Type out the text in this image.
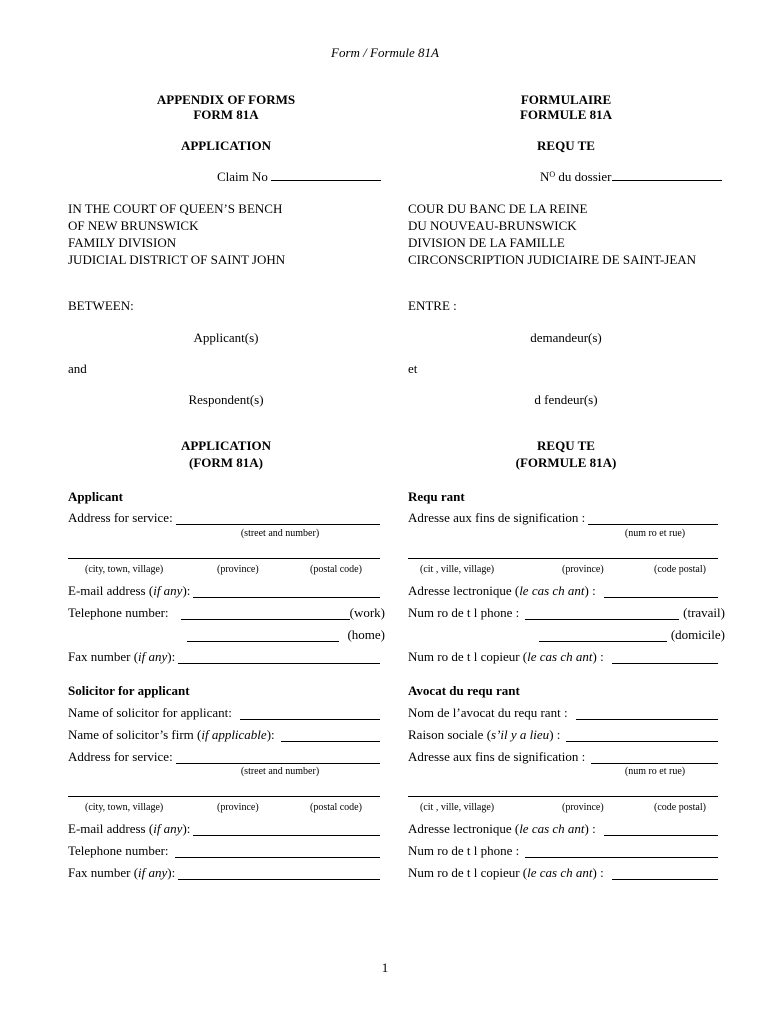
Form / Formule 81A
APPENDIX OF FORMS
FORM 81A
APPLICATION
Claim No
FORMULAIRE
FORMULE 81A
REQU TE
$N^O$ du dossier
IN THE COURT OF QUEEN’S BENCH
OF NEW BRUNSWICK
FAMILY DIVISION
JUDICIAL DISTRICT OF SAINT JOHN
COUR DU BANC DE LA REINE
DU NOUVEAU-BRUNSWICK
DIVISION DE LA FAMILLE
CIRCONSCRIPTION JUDICIAIRE DE SAINT-JEAN
BETWEEN:	ENTRE :
Applicant(s)	demandeur(s)
and	et
Respondent(s)	d fendeur(s)
APPLICATION
(FORM 81A)
REQU TE
(FORMULE 81A)
Applicant
Address for service:
(street and number)
(city, town, village)	(province)	(postal code)
E-mail address (if any):
Telephone number:	(work)
(home)
Fax number (if any):
Requ rant
Adresse aux fins de signification :
(num ro et rue)
(cit , ville, village)	(province)	(code postal)
Adresse lectronique (le cas ch ant) :
Num ro de t l phone :	(travail)
(domicile)
Num ro de t l copieur (le cas ch ant) :
Solicitor for applicant
Name of solicitor for applicant:
Name of solicitor’s firm (if applicable):
Address for service:
(street and number)
(city, town, village)	(province)	(postal code)
E-mail address (if any):
Telephone number:
Fax number (if any):
Avocat du requ rant
Nom de l’avocat du requ rant :
Raison sociale (s’il y a lieu) :
Adresse aux fins de signification :
(num ro et rue)
(cit , ville, village)	(province)	(code postal)
Adresse lectronique (le cas ch ant) :
Num ro de t l phone :
Num ro de t l copieur (le cas ch ant) :
1
